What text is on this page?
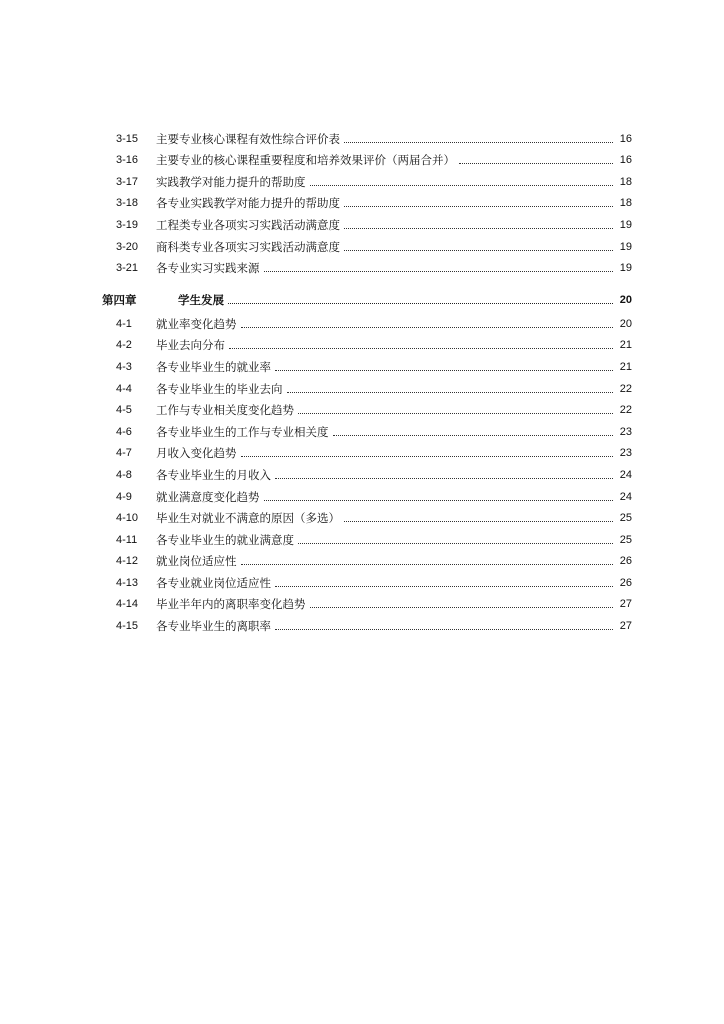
3-15	主要专业核心课程有效性综合评价表	16
3-16	主要专业的核心课程重要程度和培养效果评价（两届合并）	16
3-17	实践教学对能力提升的帮助度	18
3-18	各专业实践教学对能力提升的帮助度	18
3-19	工程类专业各项实习实践活动满意度	19
3-20	商科类专业各项实习实践活动满意度	19
3-21	各专业实习实践来源	19
第四章	学生发展	20
4-1	就业率变化趋势	20
4-2	毕业去向分布	21
4-3	各专业毕业生的就业率	21
4-4	各专业毕业生的毕业去向	22
4-5	工作与专业相关度变化趋势	22
4-6	各专业毕业生的工作与专业相关度	23
4-7	月收入变化趋势	23
4-8	各专业毕业生的月收入	24
4-9	就业满意度变化趋势	24
4-10	毕业生对就业不满意的原因（多选）	25
4-11	各专业毕业生的就业满意度	25
4-12	就业岗位适应性	26
4-13	各专业就业岗位适应性	26
4-14	毕业半年内的离职率变化趋势	27
4-15	各专业毕业生的离职率	27
